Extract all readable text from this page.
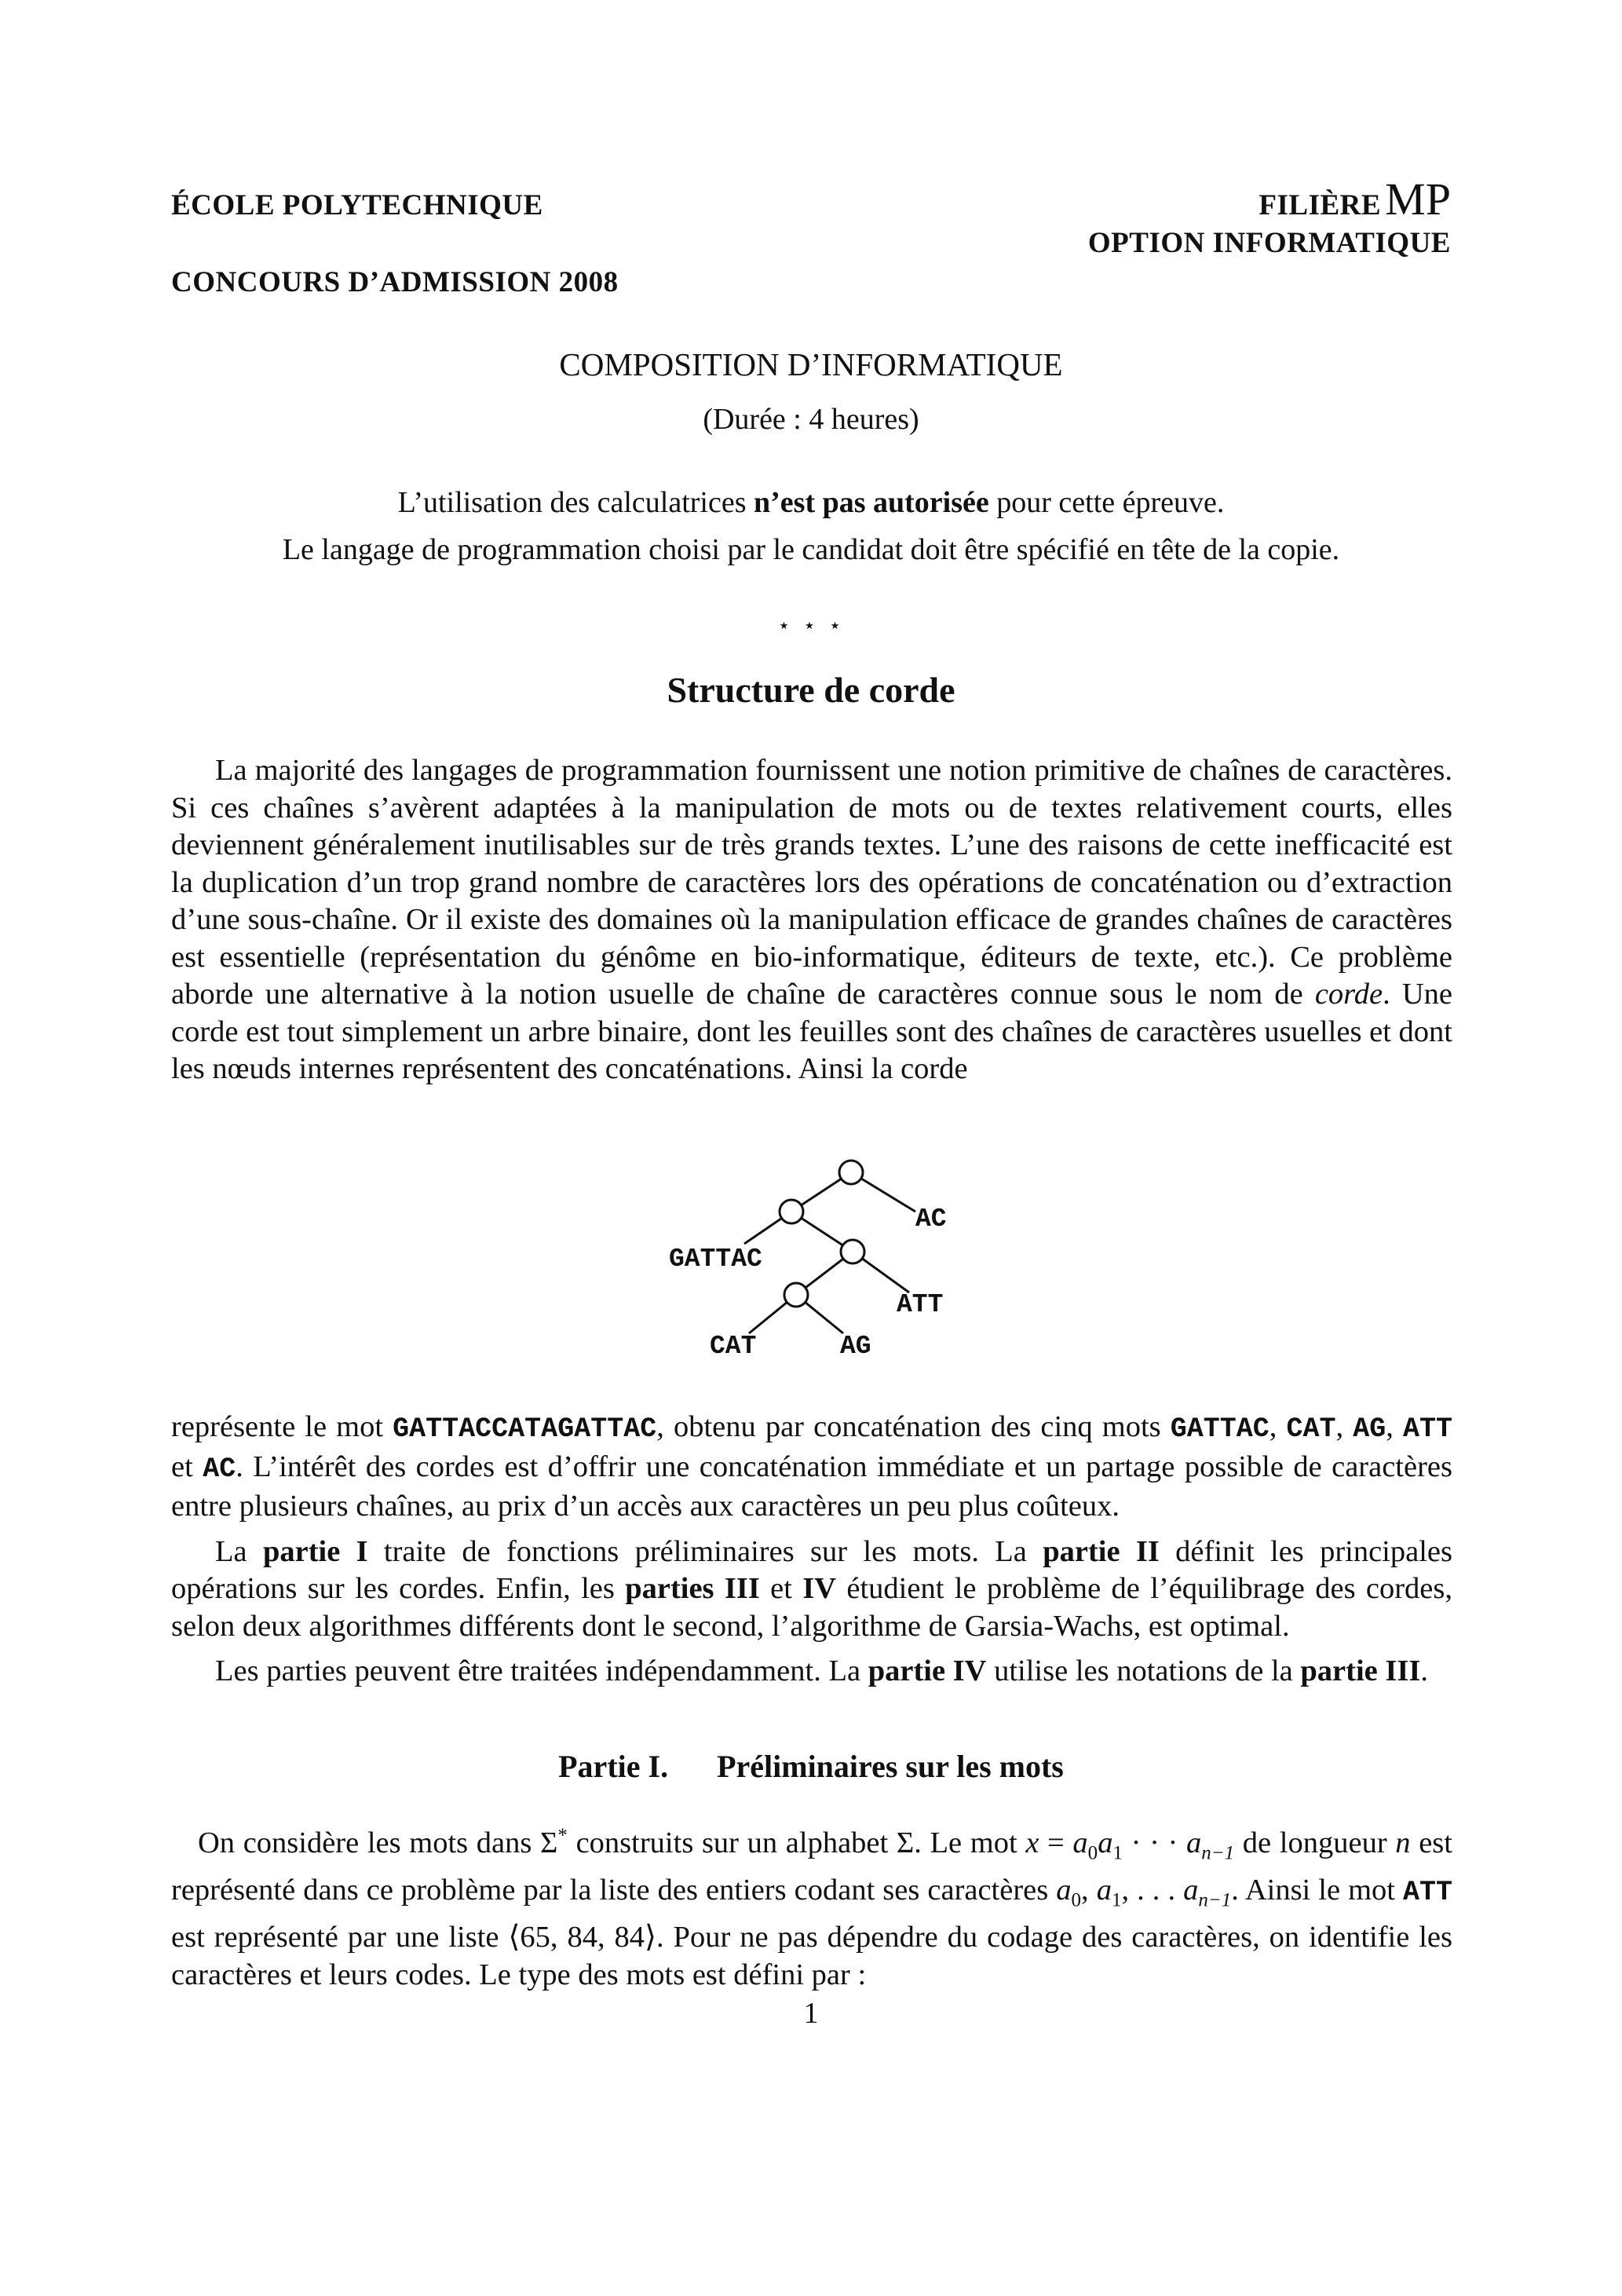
ÉCOLE POLYTECHNIQUE
CONCOURS D’ADMISSION 2008
FILIÈRE MP
OPTION INFORMATIQUE
COMPOSITION D’INFORMATIQUE
(Durée : 4 heures)
L’utilisation des calculatrices n’est pas autorisée pour cette épreuve.
Le langage de programmation choisi par le candidat doit être spécifié en tête de la copie.
⋆ ⋆ ⋆
Structure de corde

La majorité des langages de programmation fournissent une notion primitive de chaînes de caractères. Si ces chaînes s’avèrent adaptées à la manipulation de mots ou de textes relativement courts, elles deviennent généralement inutilisables sur de très grands textes. L’une des raisons de cette inefficacité est la duplication d’un trop grand nombre de caractères lors des opérations de concaténation ou d’extraction d’une sous-chaîne. Or il existe des domaines où la manipulation efficace de grandes chaînes de caractères est essentielle (représentation du génôme en bio-informatique, éditeurs de texte, etc.). Ce problème aborde une alternative à la notion usuelle de chaîne de caractères connue sous le nom de corde. Une corde est tout simplement un arbre binaire, dont les feuilles sont des chaînes de caractères usuelles et dont les nœuds internes représentent des concaténations. Ainsi la corde

GATTAC
CAT	AG
ATT
AC

représente le mot GATTACCATAGATTAC, obtenu par concaténation des cinq mots GATTAC, CAT, AG, ATT et AC. L’intérêt des cordes est d’offrir une concaténation immédiate et un partage possible de caractères entre plusieurs chaînes, au prix d’un accès aux caractères un peu plus coûteux.

La partie I traite de fonctions préliminaires sur les mots. La partie II définit les principales opérations sur les cordes. Enfin, les parties III et IV étudient le problème de l’équilibrage des cordes, selon deux algorithmes différents dont le second, l’algorithme de Garsia-Wachs, est optimal.

Les parties peuvent être traitées indépendamment. La partie IV utilise les notations de la partie III.

Partie I. Préliminaires sur les mots

On considère les mots dans Σ* construits sur un alphabet Σ. Le mot $x = a_0a_1$ · · · $a_{n-1}$ de longueur n est représenté dans ce problème par la liste des entiers codant ses caractères $a_0$, $a_1$, . . . $a_{n-1}$. Ainsi le mot ATT est représenté par une liste ⟨65, 84, 84⟩. Pour ne pas dépendre du codage des caractères, on identifie les caractères et leurs codes. Le type des mots est défini par :

1
